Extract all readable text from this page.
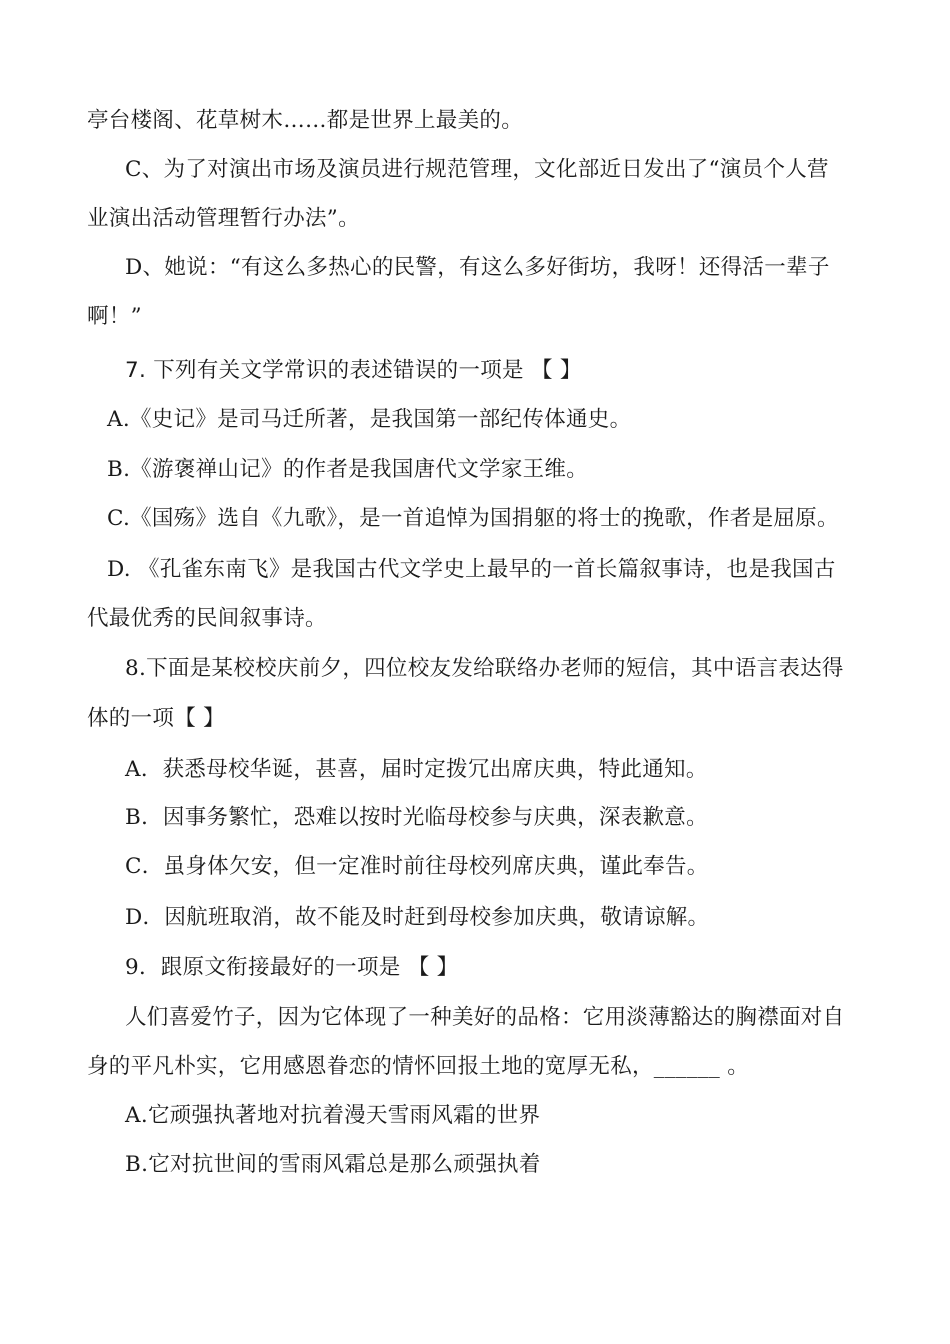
亭台楼阁、花草树木……都是世界上最美的。
C、为了对演出市场及演员进行规范管理，文化部近日发出了“演员个人营
业演出活动管理暂行办法”。
D、她说：“有这么多热心的民警，有这么多好街坊，我呀！还得活一辈子
啊！”
7. 下列有关文学常识的表述错误的一项是 【 】
A.《史记》是司马迁所著，是我国第一部纪传体通史。
B.《游褒禅山记》的作者是我国唐代文学家王维。
C.《国殇》选自《九歌》，是一首追悼为国捐躯的将士的挽歌，作者是屈原。
D. 《孔雀东南飞》是我国古代文学史上最早的一首长篇叙事诗，也是我国古
代最优秀的民间叙事诗。
8.下面是某校校庆前夕，四位校友发给联络办老师的短信，其中语言表达得
体的一项【 】
A．获悉母校华诞，甚喜，届时定拨冗出席庆典，特此通知。
B．因事务繁忙，恐难以按时光临母校参与庆典，深表歉意。
C．虽身体欠安，但一定准时前往母校列席庆典，谨此奉告。
D．因航班取消，故不能及时赶到母校参加庆典，敬请谅解。
9．跟原文衔接最好的一项是 【 】
人们喜爱竹子，因为它体现了一种美好的品格：它用淡薄豁达的胸襟面对自
身的平凡朴实，它用感恩眷恋的情怀回报土地的宽厚无私，______ 。
A.它顽强执著地对抗着漫天雪雨风霜的世界
B.它对抗世间的雪雨风霜总是那么顽强执着
